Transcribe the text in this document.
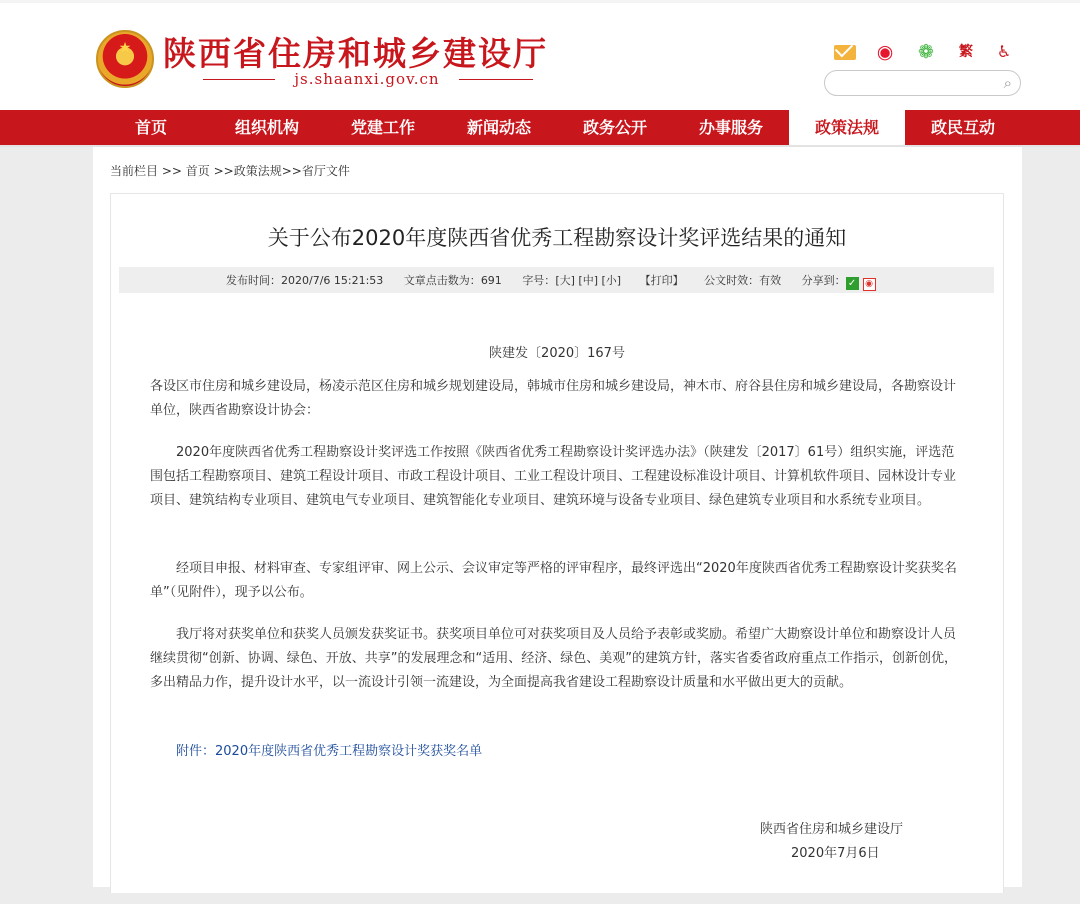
★
陕西省住房和城乡建设厅
js.shaanxi.gov.cn
◉ ❁	繁	♿
⌕
首页	组织机构	党建工作	新闻动态	政务公开	办事服务	政策法规	政民互动
当前栏目 >> 首页 >>政策法规>>省厅文件
关于公布2020年度陕西省优秀工程勘察设计奖评选结果的通知
发布时间：2020/7/6 15:21:53 文章点击数为：691 字号：[大] [中] [小] 【打印】 公文时效：有效 分享到： ✓ ◉
陕建发〔2020〕167号
各设区市住房和城乡建设局，杨凌示范区住房和城乡规划建设局，韩城市住房和城乡建设局，神木市、府谷县住房和城乡建设局，各勘察设计单位，陕西省勘察设计协会：
2020年度陕西省优秀工程勘察设计奖评选工作按照《陕西省优秀工程勘察设计奖评选办法》（陕建发〔2017〕61号）组织实施，评选范围包括工程勘察项目、建筑工程设计项目、市政工程设计项目、工业工程设计项目、工程建设标准设计项目、计算机软件项目、园林设计专业项目、建筑结构专业项目、建筑电气专业项目、建筑智能化专业项目、建筑环境与设备专业项目、绿色建筑专业项目和水系统专业项目。
经项目申报、材料审查、专家组评审、网上公示、会议审定等严格的评审程序，最终评选出“2020年度陕西省优秀工程勘察设计奖获奖名单”（见附件），现予以公布。
我厅将对获奖单位和获奖人员颁发获奖证书。获奖项目单位可对获奖项目及人员给予表彰或奖励。希望广大勘察设计单位和勘察设计人员继续贯彻“创新、协调、绿色、开放、共享”的发展理念和“适用、经济、绿色、美观”的建筑方针，落实省委省政府重点工作指示，创新创优，多出精品力作，提升设计水平，以一流设计引领一流建设，为全面提高我省建设工程勘察设计质量和水平做出更大的贡献。
附件：2020年度陕西省优秀工程勘察设计奖获奖名单
陕西省住房和城乡建设厅
2020年7月6日
